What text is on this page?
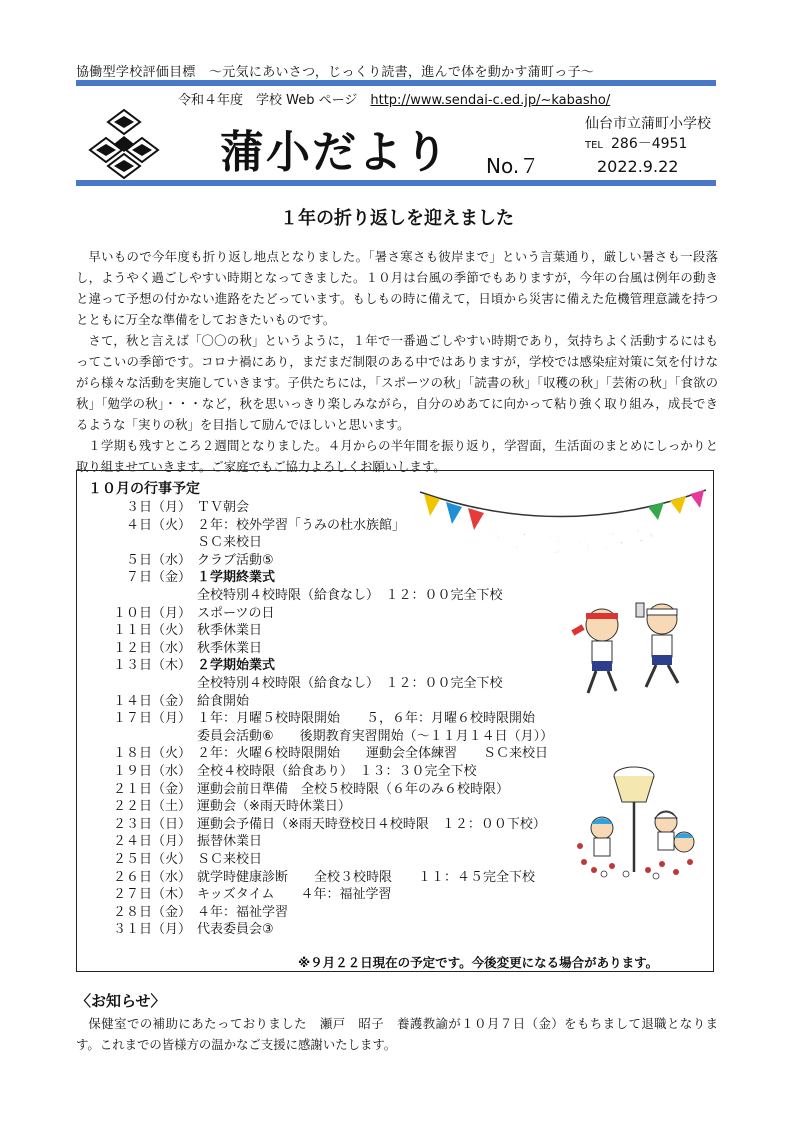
協働型学校評価目標　～元気にあいさつ，じっくり読書，進んで体を動かす蒲町っ子～
令和４年度　学校 Web ページ　 http://www.sendai-c.ed.jp/~kabasho/
蒲小だより No.７
仙台市立蒲町小学校
TEL 286－4951
2022.9.22
１年の折り返しを迎えました

早いもので今年度も折り返し地点となりました。「暑さ寒さも彼岸まで」という言葉通り，厳しい暑さも一段落し，ようやく過ごしやすい時期となってきました。１０月は台風の季節でもありますが，今年の台風は例年の動きと違って予想の付かない進路をたどっています。もしもの時に備えて，日頃から災害に備えた危機管理意識を持つとともに万全な準備をしておきたいものです。

さて，秋と言えば「〇〇の秋」というように，１年で一番過ごしやすい時期であり，気持ちよく活動するにはもってこいの季節です。コロナ禍にあり，まだまだ制限のある中ではありますが，学校では感染症対策に気を付けながら様々な活動を実施していきます。子供たちには，「スポーツの秋」「読書の秋」「収穫の秋」「芸術の秋」「食欲の秋」「勉学の秋」・・・など，秋を思いっきり楽しみながら，自分のめあてに向かって粘り強く取り組み，成長できるような「実りの秋」を目指して励んでほしいと思います。

１学期も残すところ２週間となりました。４月からの半年間を振り返り，学習面，生活面のまとめにしっかりと取り組ませていきます。ご家庭でもご協力よろしくお願いします。

１０月の行事予定
３日（月） ＴＶ朝会
４日（火） ２年：校外学習「うみの杜水族館」
ＳＣ来校日
５日（水） クラブ活動⑤
７日（金） １学期終業式
全校特別４校時限（給食なし）　１２：００完全下校
１０日（月） スポーツの日
１１日（火） 秋季休業日
１２日（水） 秋季休業日
１３日（木） ２学期始業式
全校特別４校時限（給食なし）　１２：００完全下校
１４日（金） 給食開始
１７日（月） １年：月曜５校時限開始　　５，６年：月曜６校時限開始
委員会活動⑥　　後期教育実習開始（～１１月１４日（月））
１８日（火） ２年：火曜６校時限開始　　運動会全体練習　　ＳＣ来校日
１９日（水） 全校４校時限（給食あり）　１３：３０完全下校
２１日（金） 運動会前日準備　全校５校時限（６年のみ６校時限）
２２日（土） 運動会（※雨天時休業日）
２３日（日） 運動会予備日（※雨天時登校日４校時限　１２：００下校）
２４日（月） 振替休業日
２５日（火） ＳＣ来校日
２６日（水） 就学時健康診断　　全校３校時限　　１１：４５完全下校
２７日（木） キッズタイム　　４年：福祉学習
２８日（金） ４年：福祉学習
３１日（月） 代表委員会③
う ん ど う か い
※９月２２日現在の予定です。今後変更になる場合があります。
〈お知らせ〉
保健室での補助にあたっておりました　瀬戸　昭子　養護教諭が１０月７日（金）をもちまして退職となります。これまでの皆様方の温かなご支援に感謝いたします。
